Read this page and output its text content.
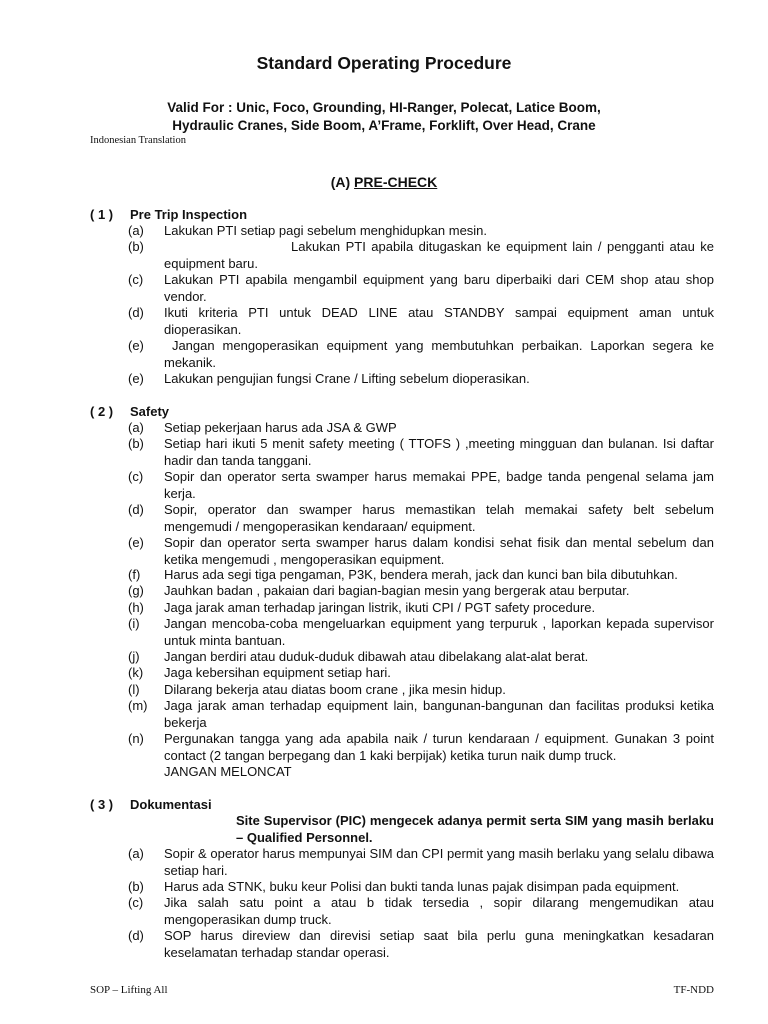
Standard Operating Procedure
Valid For : Unic, Foco, Grounding, HI-Ranger, Polecat, Latice Boom,
Hydraulic Cranes, Side Boom, A’Frame, Forklift, Over Head, Crane
Indonesian Translation
(A) PRE-CHECK
( 1 ) Pre Trip Inspection
(a) Lakukan PTI setiap pagi sebelum menghidupkan mesin.
(b)	Lakukan PTI apabila ditugaskan ke equipment lain / pengganti atau ke equipment baru.
(c) Lakukan PTI apabila mengambil equipment yang baru diperbaiki dari CEM shop atau shop vendor.
(d) Ikuti kriteria PTI untuk DEAD LINE atau STANDBY sampai equipment aman untuk dioperasikan.
(e) Jangan mengoperasikan equipment yang membutuhkan perbaikan. Laporkan segera ke mekanik.
(e) Lakukan pengujian fungsi Crane / Lifting sebelum dioperasikan.
( 2 ) Safety
(a) Setiap pekerjaan harus ada JSA & GWP
(b) Setiap hari ikuti 5 menit safety meeting ( TTOFS ) ,meeting mingguan dan bulanan. Isi daftar hadir dan tanda tanggani.
(c) Sopir dan operator serta swamper harus memakai PPE, badge tanda pengenal selama jam kerja.
(d) Sopir, operator dan swamper harus memastikan telah memakai safety belt sebelum mengemudi / mengoperasikan kendaraan/ equipment.
(e) Sopir dan operator serta swamper harus dalam kondisi sehat fisik dan mental sebelum dan ketika mengemudi , mengoperasikan equipment.
(f) Harus ada segi tiga pengaman, P3K, bendera merah, jack dan kunci ban bila dibutuhkan.
(g) Jauhkan badan , pakaian dari bagian-bagian mesin yang bergerak atau berputar.
(h) Jaga jarak aman terhadap jaringan listrik, ikuti CPI / PGT safety procedure.
(i) Jangan mencoba-coba mengeluarkan equipment yang terpuruk , laporkan kepada supervisor untuk minta bantuan.
(j) Jangan berdiri atau duduk-duduk dibawah atau dibelakang alat-alat berat.
(k) Jaga kebersihan equipment setiap hari.
(l) Dilarang bekerja atau diatas boom crane , jika mesin hidup.
(m) Jaga jarak aman terhadap equipment lain, bangunan-bangunan dan facilitas produksi ketika bekerja
(n) Pergunakan tangga yang ada apabila naik / turun kendaraan / equipment. Gunakan 3 point contact (2 tangan berpegang dan 1 kaki berpijak) ketika turun naik dump truck.
JANGAN MELONCAT
( 3 ) Dokumentasi
Site Supervisor (PIC) mengecek adanya permit serta SIM yang masih berlaku – Qualified Personnel.
(a) Sopir & operator harus mempunyai SIM dan CPI permit yang masih berlaku yang selalu dibawa setiap hari.
(b) Harus ada STNK, buku keur Polisi dan bukti tanda lunas pajak disimpan pada equipment.
(c) Jika salah satu point a atau b tidak tersedia , sopir dilarang mengemudikan atau mengoperasikan dump truck.
(d) SOP harus direview dan direvisi setiap saat bila perlu guna meningkatkan kesadaran keselamatan terhadap standar operasi.
SOP – Lifting All	TF-NDD
